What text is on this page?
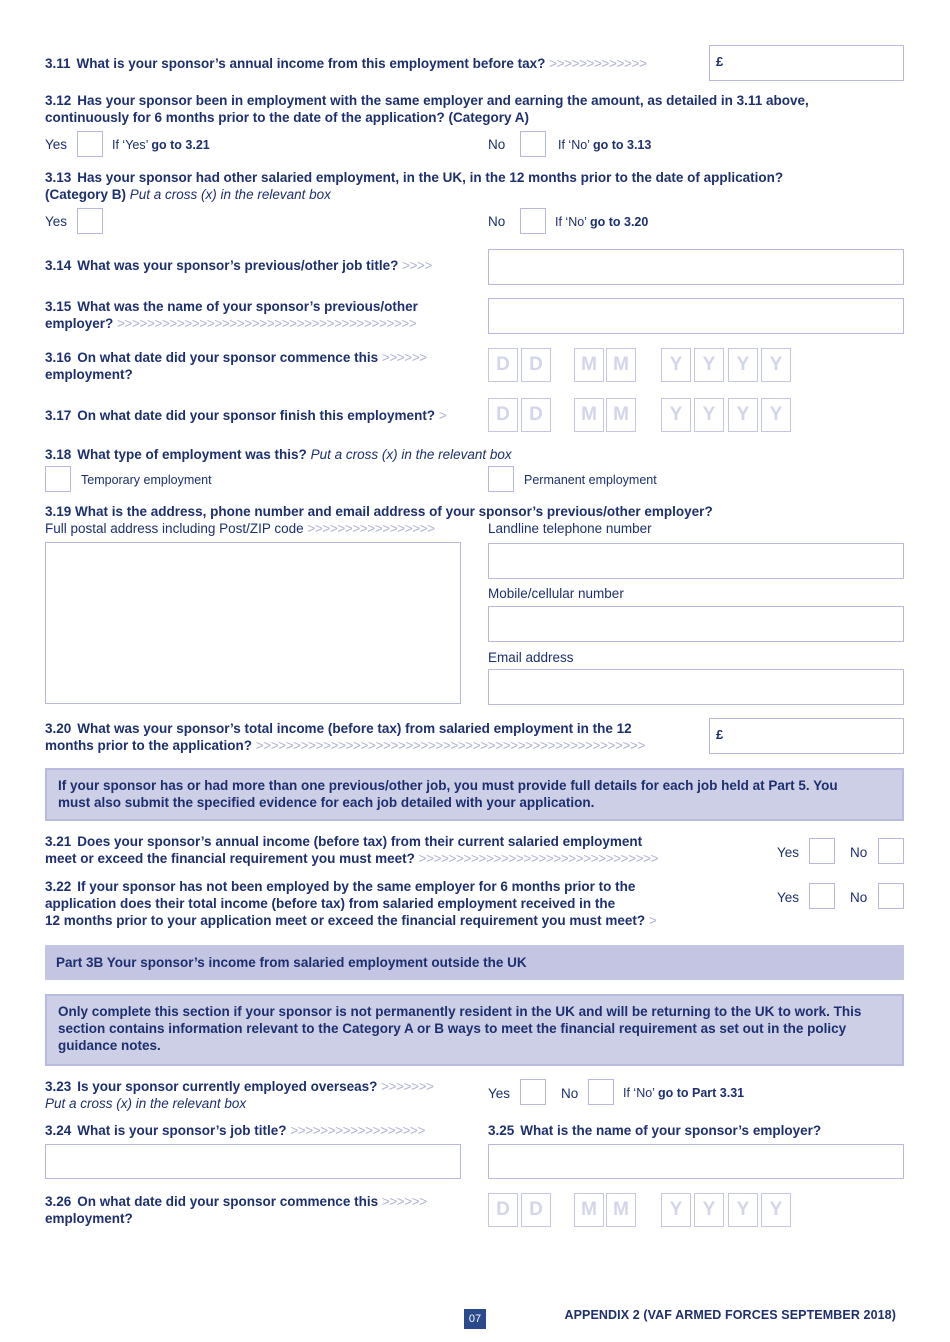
3.11 What is your sponsor’s annual income from this employment before tax? >>>>>>>>>>>>>	£
3.12 Has your sponsor been in employment with the same employer and earning the amount, as detailed in 3.11 above,
continuously for 6 months prior to the date of the application? (Category A)
Yes	If ‘Yes’ go to 3.21	No	If ‘No’ go to 3.13
3.13 Has your sponsor had other salaried employment, in the UK, in the 12 months prior to the date of application?
(Category B) Put a cross (x) in the relevant box
Yes	No	If ‘No’ go to 3.20
3.14 What was your sponsor’s previous/other job title? >>>>
3.15 What was the name of your sponsor’s previous/other
employer? >>>>>>>>>>>>>>>>>>>>>>>>>>>>>>>>>>>>>>>>
3.16 On what date did your sponsor commence this >>>>>>
employment?	D	D	M M	Y	Y	Y	Y
3.17 On what date did your sponsor finish this employment? >	D	D	M M	Y	Y	Y	Y
3.18 What type of employment was this? Put a cross (x) in the relevant box
Temporary employment	Permanent employment
3.19 What is the address, phone number and email address of your sponsor’s previous/other employer?
Full postal address including Post/ZIP code >>>>>>>>>>>>>>>>>	Landline telephone number
Mobile/cellular number
Email address
3.20 What was your sponsor’s total income (before tax) from salaried employment in the 12
months prior to the application? >>>>>>>>>>>>>>>>>>>>>>>>>>>>>>>>>>>>>>>>>>>>>>>>>>>>
£
If your sponsor has or had more than one previous/other job, you must provide full details for each job held at Part 5. You
must also submit the specified evidence for each job detailed with your application.
3.21 Does your sponsor’s annual income (before tax) from their current salaried employment
meet or exceed the financial requirement you must meet? >>>>>>>>>>>>>>>>>>>>>>>>>>>>>>>>	Yes	No
3.22 If your sponsor has not been employed by the same employer for 6 months prior to the
application does their total income (before tax) from salaried employment received in the
12 months prior to your application meet or exceed the financial requirement you must meet? >
Yes	No
Part 3B Your sponsor’s income from salaried employment outside the UK
Only complete this section if your sponsor is not permanently resident in the UK and will be returning to the UK to work. This
section contains information relevant to the Category A or B ways to meet the financial requirement as set out in the policy
guidance notes.
3.23 Is your sponsor currently employed overseas? >>>>>>>
Put a cross (x) in the relevant box
Yes	No	If ‘No’ go to Part 3.31
3.24 What is your sponsor’s job title? >>>>>>>>>>>>>>>>>>	3.25 What is the name of your sponsor’s employer?
3.26 On what date did your sponsor commence this >>>>>>
employment?	D	D	M M	Y	Y	Y	Y
07	APPENDIX 2 (VAF ARMED FORCES SEPTEMBER 2018)
